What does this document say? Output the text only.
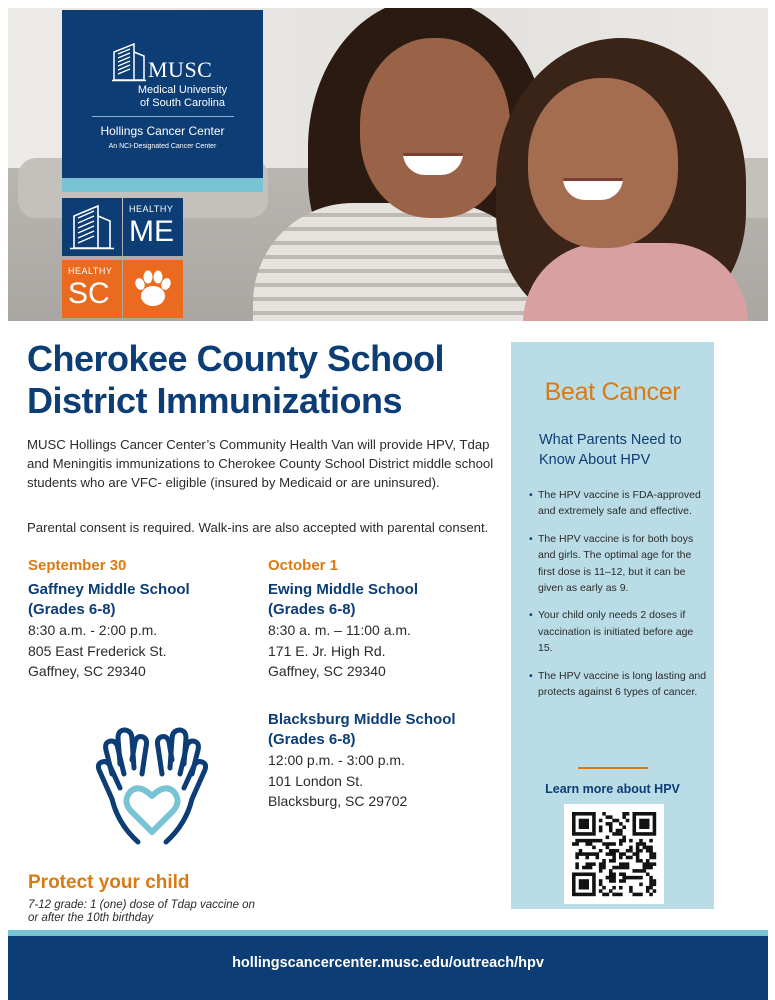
MUSC
Medical University
of South Carolina
Hollings Cancer Center
An NCI-Designated Cancer Center
HEALTHY
ME
HEALTHY
SC
Cherokee County School
District Immunizations
MUSC Hollings Cancer Center’s Community Health Van will provide HPV, Tdap and Meningitis immunizations to Cherokee County School District middle school students who are VFC- eligible (insured by Medicaid or are uninsured).
Parental consent is required. Walk-ins are also accepted with parental consent.
September 30
Gaffney Middle School
(Grades 6-8)
8:30 a.m. - 2:00 p.m.
805 East Frederick St.
Gaffney, SC 29340
October 1
Ewing Middle School
(Grades 6-8)
8:30 a. m. – 11:00 a.m.
171 E. Jr. High Rd.
Gaffney, SC 29340
Blacksburg Middle School
(Grades 6-8)
12:00 p.m. - 3:00 p.m.
101 London St.
Blacksburg, SC 29702
Protect your child
7-12 grade: 1 (one) dose of Tdap vaccine on
or after the 10th birthday
Beat Cancer
What Parents Need to Know About HPV
• The HPV vaccine is FDA-approved and extremely safe and effective.
• The HPV vaccine is for both boys and girls. The optimal age for the first dose is 11–12, but it can be given as early as 9.
• Your child only needs 2 doses if vaccination is initiated before age 15.
• The HPV vaccine is long lasting and protects against 6 types of cancer.
Learn more about HPV
hollingscancercenter.musc.edu/outreach/hpv
